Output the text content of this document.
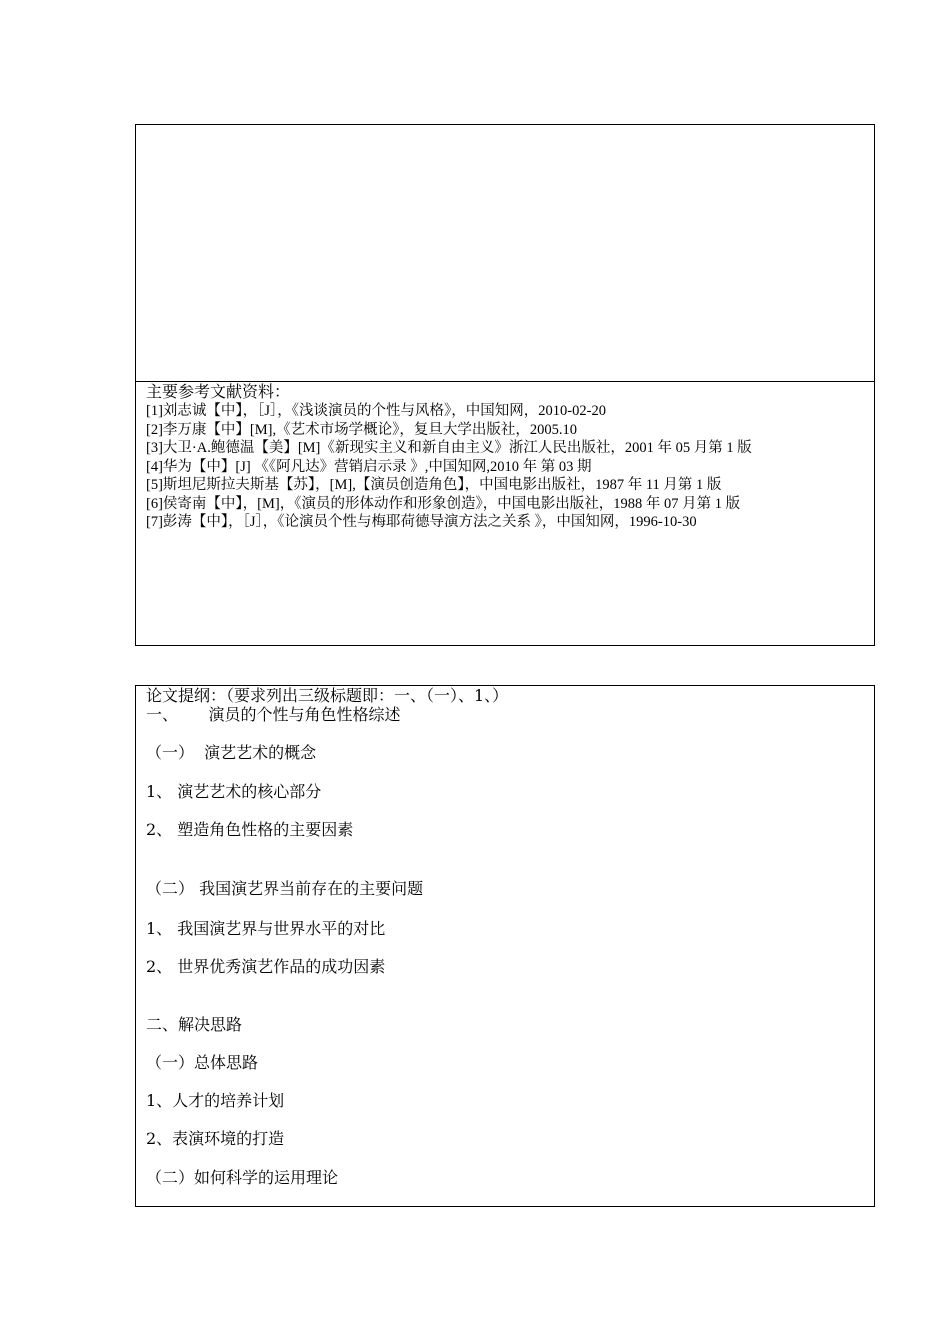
主要参考文献资料：
[1]刘志诚【中】，［J］，《浅谈演员的个性与风格》，中国知网，2010-02-20
[2]李万康【中】[M],《艺术市场学概论》，复旦大学出版社，2005.10
[3]大卫·A.鲍德温【美】[M]《新现实主义和新自由主义》浙江人民出版社，2001 年 05 月第 1 版
[4]华为【中】[J] 《《阿凡达》营销启示录 》,中国知网,2010 年 第 03 期
[5]斯坦尼斯拉夫斯基【苏】，[M],【演员创造角色】，中国电影出版社，1987 年 11 月第 1 版
[6]侯寄南【中】，[M]，《演员的形体动作和形象创造》，中国电影出版社，1988 年 07 月第 1 版
[7]彭涛【中】，［J］，《论演员个性与梅耶荷德导演方法之关系 》，中国知网，1996-10-30
论文提纲：（要求列出三级标题即：一、（一）、1、）
一、      演员的个性与角色性格综述
（一）  演艺艺术的概念
1、 演艺艺术的核心部分
2、 塑造角色性格的主要因素
（二） 我国演艺界当前存在的主要问题
1、 我国演艺界与世界水平的对比
2、 世界优秀演艺作品的成功因素
二、解决思路
（一）总体思路
1、人才的培养计划
2、表演环境的打造
（二）如何科学的运用理论
